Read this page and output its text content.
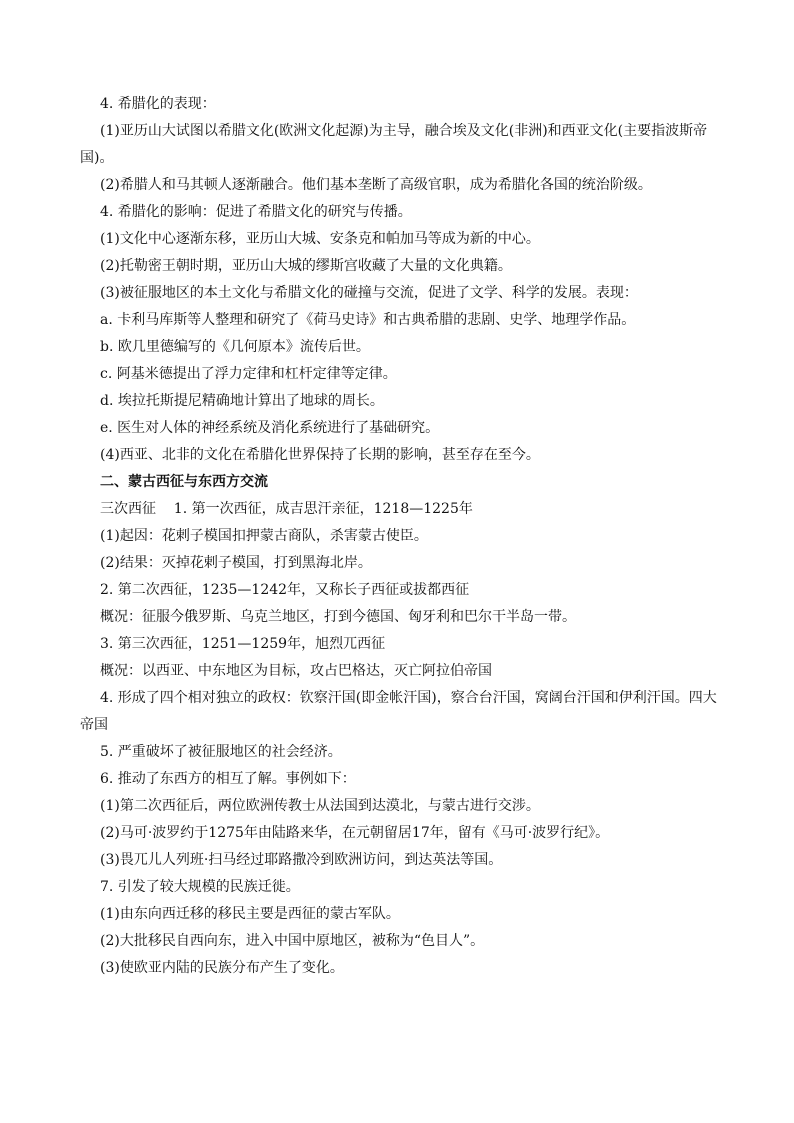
4. 希腊化的表现：

(1)亚历山大试图以希腊文化(欧洲文化起源)为主导，融合埃及文化(非洲)和西亚文化(主要指波斯帝国)。

(2)希腊人和马其顿人逐渐融合。他们基本垄断了高级官职，成为希腊化各国的统治阶级。

4. 希腊化的影响：促进了希腊文化的研究与传播。

(1)文化中心逐渐东移，亚历山大城、安条克和帕加马等成为新的中心。

(2)托勒密王朝时期，亚历山大城的缪斯宫收藏了大量的文化典籍。

(3)被征服地区的本土文化与希腊文化的碰撞与交流，促进了文学、科学的发展。表现：

a. 卡利马库斯等人整理和研究了《荷马史诗》和古典希腊的悲剧、史学、地理学作品。

b. 欧几里德编写的《几何原本》流传后世。

c. 阿基米德提出了浮力定律和杠杆定律等定律。

d. 埃拉托斯提尼精确地计算出了地球的周长。

e. 医生对人体的神经系统及消化系统进行了基础研究。

(4)西亚、北非的文化在希腊化世界保持了长期的影响，甚至存在至今。

二、蒙古西征与东西方交流

三次西征    1. 第一次西征，成吉思汗亲征，1218—1225年

(1)起因：花剌子模国扣押蒙古商队，杀害蒙古使臣。

(2)结果：灭掉花剌子模国，打到黑海北岸。

2. 第二次西征，1235—1242年，又称长子西征或拔都西征

概况：征服今俄罗斯、乌克兰地区，打到今德国、匈牙利和巴尔干半岛一带。

3. 第三次西征，1251—1259年，旭烈兀西征

概况：以西亚、中东地区为目标，攻占巴格达，灭亡阿拉伯帝国

4. 形成了四个相对独立的政权：钦察汗国(即金帐汗国)，察合台汗国，窝阔台汗国和伊利汗国。四大帝国

5. 严重破坏了被征服地区的社会经济。

6. 推动了东西方的相互了解。事例如下：

(1)第二次西征后，两位欧洲传教士从法国到达漠北，与蒙古进行交涉。

(2)马可·波罗约于1275年由陆路来华，在元朝留居17年，留有《马可·波罗行纪》。

(3)畏兀儿人列班·扫马经过耶路撒冷到欧洲访问，到达英法等国。

7. 引发了较大规模的民族迁徙。

(1)由东向西迁移的移民主要是西征的蒙古军队。

(2)大批移民自西向东，进入中国中原地区，被称为“色目人”。

(3)使欧亚内陆的民族分布产生了变化。
